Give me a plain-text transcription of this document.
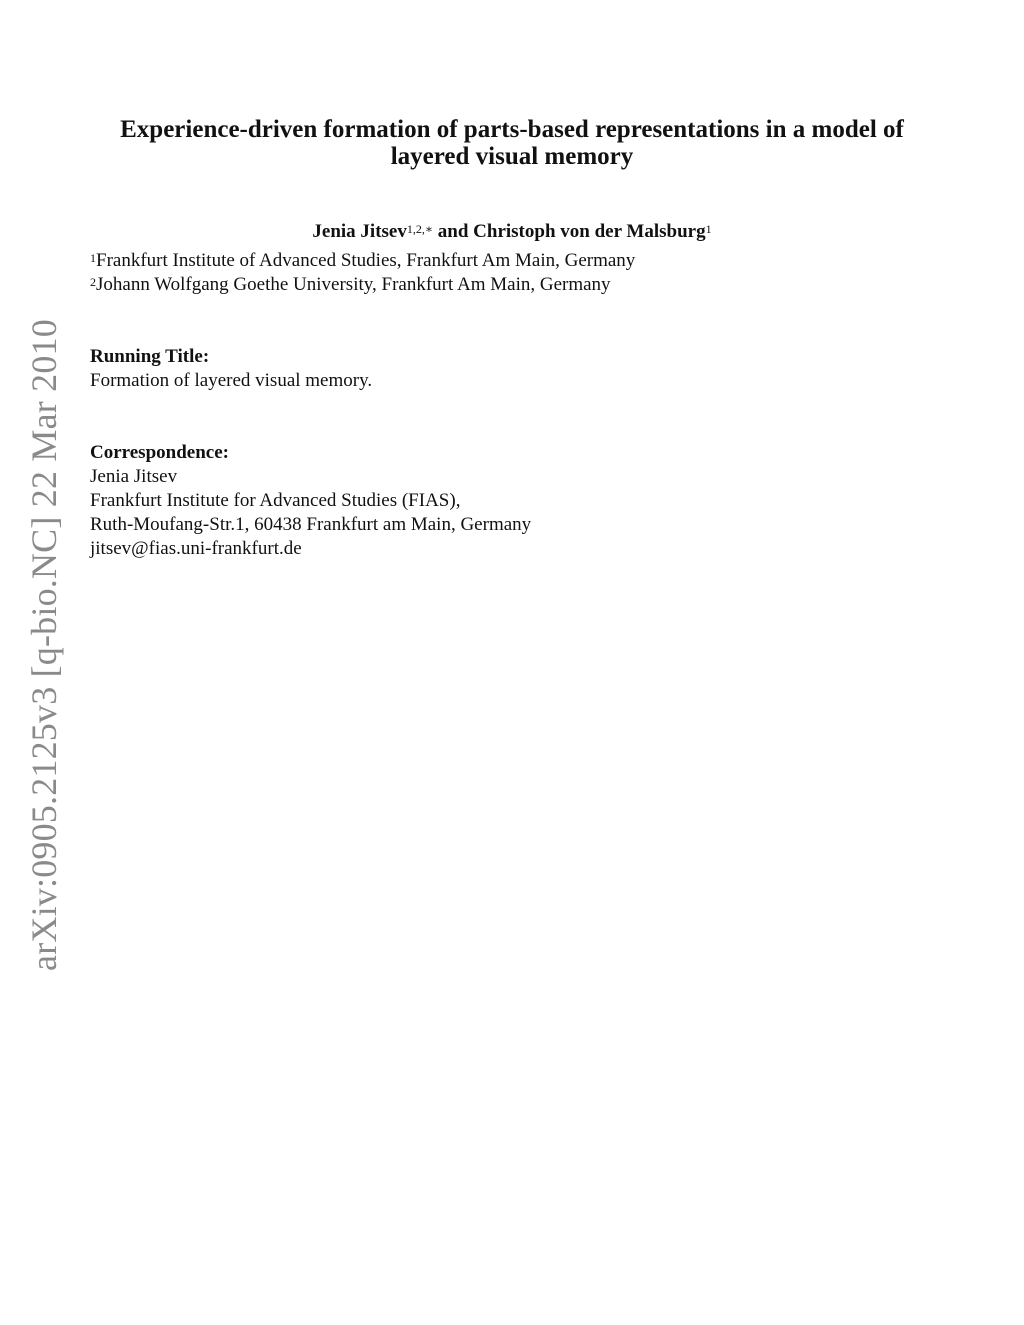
arXiv:0905.2125v3 [q-bio.NC] 22 Mar 2010
Experience-driven formation of parts-based representations in a model of
layered visual memory
Jenia Jitsev$^{1,2,∗}$ and Christoph von der Malsburg$^1$
$^1$Frankfurt Institute of Advanced Studies, Frankfurt Am Main, Germany
$^2$Johann Wolfgang Goethe University, Frankfurt Am Main, Germany
Running Title:
Formation of layered visual memory.
Correspondence:
Jenia Jitsev
Frankfurt Institute for Advanced Studies (FIAS),
Ruth-Moufang-Str.1, 60438 Frankfurt am Main, Germany
jitsev@fias.uni-frankfurt.de
